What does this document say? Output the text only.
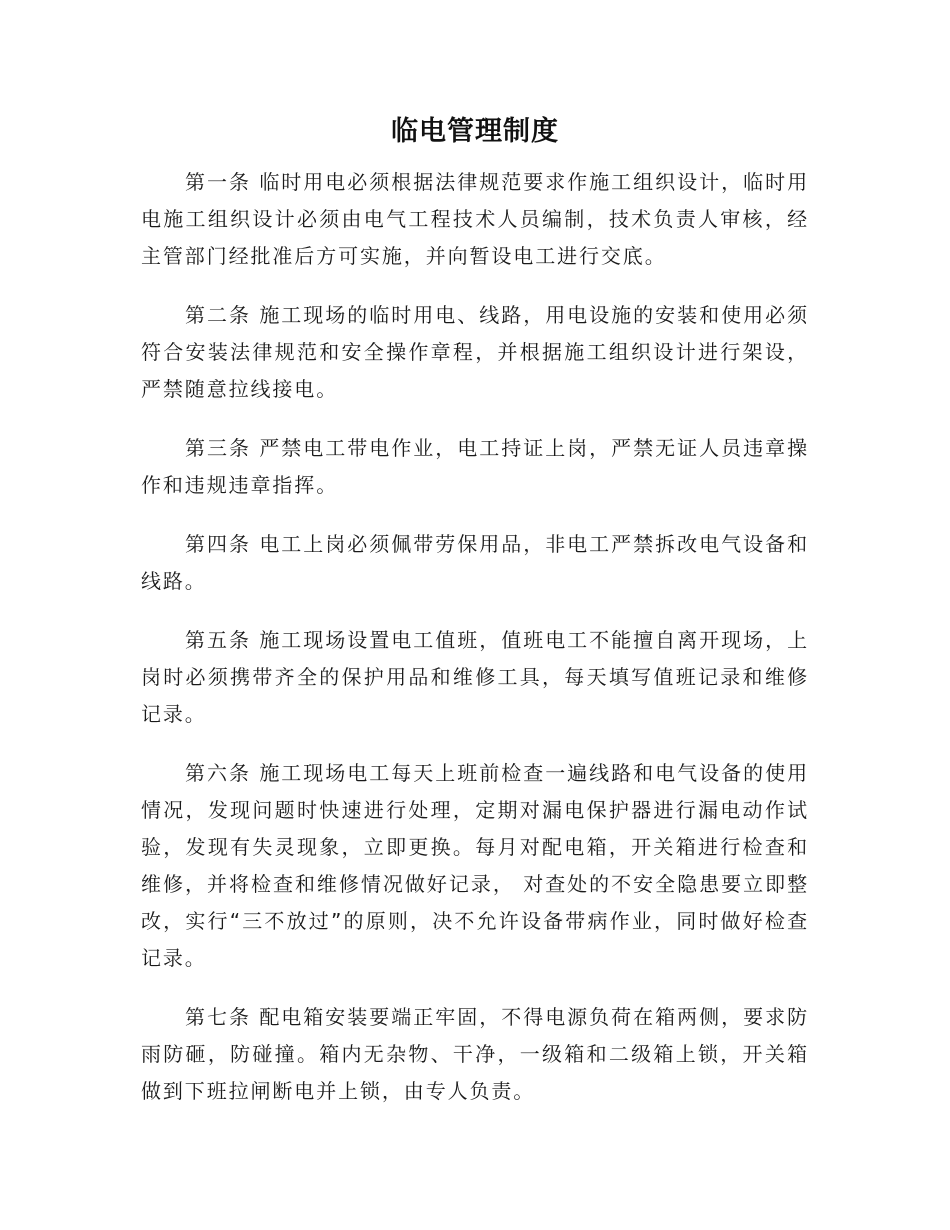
临电管理制度

第一条 临时用电必须根据法律规范要求作施工组织设计，临时用电施工组织设计必须由电气工程技术人员编制，技术负责人审核，经主管部门经批准后方可实施，并向暂设电工进行交底。

第二条 施工现场的临时用电、线路，用电设施的安装和使用必须符合安装法律规范和安全操作章程，并根据施工组织设计进行架设，严禁随意拉线接电。

第三条 严禁电工带电作业，电工持证上岗，严禁无证人员违章操作和违规违章指挥。

第四条 电工上岗必须佩带劳保用品，非电工严禁拆改电气设备和线路。

第五条 施工现场设置电工值班，值班电工不能擅自离开现场，上岗时必须携带齐全的保护用品和维修工具，每天填写值班记录和维修记录。

第六条 施工现场电工每天上班前检查一遍线路和电气设备的使用情况，发现问题时快速进行处理，定期对漏电保护器进行漏电动作试验，发现有失灵现象，立即更换。每月对配电箱，开关箱进行检查和维修，并将检查和维修情况做好记录， 对查处的不安全隐患要立即整改，实行“三不放过”的原则，决不允许设备带病作业，同时做好检查记录。

第七条 配电箱安装要端正牢固，不得电源负荷在箱两侧，要求防雨防砸，防碰撞。箱内无杂物、干净，一级箱和二级箱上锁，开关箱做到下班拉闸断电并上锁，由专人负责。
